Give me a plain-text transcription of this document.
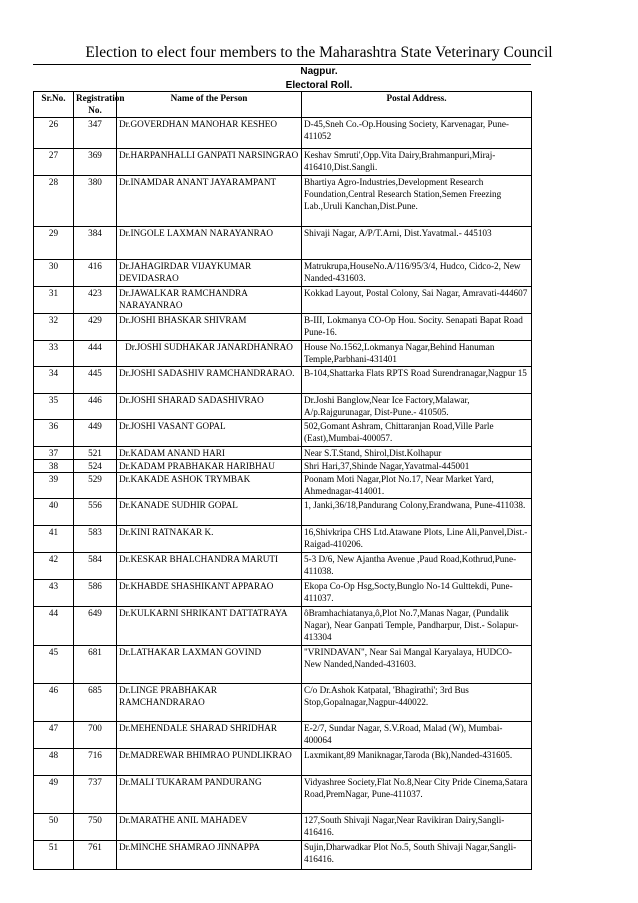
Election to elect four members to the Maharashtra State Veterinary Council
Nagpur.
Electoral Roll.
Sr.No.	Registration No.	Name of the Person	Postal Address.
26	347	Dr.GOVERDHAN MANOHAR KESHEO	D-45,Sneh Co.-Op.Housing Society, Karvenagar, Pune-411052
27	369	Dr.HARPANHALLI GANPATI NARSINGRAO	Keshav Smruti',Opp.Vita Dairy,Brahmanpuri,Miraj-416410,Dist.Sangli.
28	380	Dr.INAMDAR ANANT JAYARAMPANT	Bhartiya Agro-Industries,Development Research Foundation,Central Research Station,Semen Freezing Lab.,Uruli Kanchan,Dist.Pune.
29	384	Dr.INGOLE LAXMAN NARAYANRAO	Shivaji Nagar, A/P/T.Arni, Dist.Yavatmal.- 445103
30	416	Dr.JAHAGIRDAR VIJAYKUMAR DEVIDASRAO	Matrukrupa,HouseNo.A/116/95/3/4, Hudco, Cidco-2, New Nanded-431603.
31	423	Dr.JAWALKAR RAMCHANDRA NARAYANRAO	Kokkad Layout, Postal Colony, Sai Nagar, Amravati-444607
32	429	Dr.JOSHI BHASKAR SHIVRAM	B-III, Lokmanya CO-Op Hou. Socity. Senapati Bapat Road Pune-16.
33	444	Dr.JOSHI SUDHAKAR JANARDHANRAO	House No.1562,Lokmanya Nagar,Behind Hanuman Temple,Parbhani-431401
34	445	Dr.JOSHI SADASHIV RAMCHANDRARAO.	B-104,Shattarka Flats RPTS Road Surendranagar,Nagpur 15
35	446	Dr.JOSHI SHARAD SADASHIVRAO	Dr.Joshi Banglow,Near Ice Factory,Malawar, A/p.Rajgurunagar, Dist-Pune.- 410505.
36	449	Dr.JOSHI VASANT GOPAL	502,Gomant Ashram, Chittaranjan Road,Ville Parle (East),Mumbai-400057.
37	521	Dr.KADAM ANAND HARI	Near S.T.Stand, Shirol,Dist.Kolhapur
38	524	Dr.KADAM PRABHAKAR HARIBHAU	Shri Hari,37,Shinde Nagar,Yavatmal-445001
39	529	Dr.KAKADE ASHOK TRYMBAK	Poonam Moti Nagar,Plot No.17, Near Market Yard, Ahmednagar-414001.
40	556	Dr.KANADE SUDHIR GOPAL	1, Janki,36/18,Pandurang Colony,Erandwana, Pune-411038.
41	583	Dr.KINI RATNAKAR K.	16,Shivkripa CHS Ltd.Atawane Plots, Line Ali,Panvel,Dist.- Raigad-410206.
42	584	Dr.KESKAR BHALCHANDRA MARUTI	5-3 D/6, New Ajantha Avenue ,Paud Road,Kothrud,Pune-411038.
43	586	Dr.KHABDE SHASHIKANT APPARAO	Ekopa Co-Op Hsg,Socty,Bunglo No-14 Gulttekdi, Pune-411037.
44	649	Dr.KULKARNI SHRIKANT DATTATRAYA	ôBramhachiatanya,ô,Plot No.7,Manas Nagar, (Pundalik Nagar), Near Ganpati Temple, Pandharpur, Dist.- Solapur-413304
45	681	Dr.LATHAKAR LAXMAN GOVIND	"VRINDAVAN", Near Sai Mangal Karyalaya, HUDCO-New Nanded,Nanded-431603.
46	685	Dr.LINGE PRABHAKAR RAMCHANDRARAO	C/o Dr.Ashok Katpatal, 'Bhagirathi'; 3rd Bus Stop,Gopalnagar,Nagpur-440022.
47	700	Dr.MEHENDALE SHARAD SHRIDHAR	E-2/7, Sundar Nagar, S.V.Road, Malad (W), Mumbai-400064
48	716	Dr.MADREWAR BHIMRAO PUNDLIKRAO	Laxmikant,89 Maniknagar,Taroda (Bk),Nanded-431605.
49	737	Dr.MALI TUKARAM PANDURANG	Vidyashree Society,Flat No.8,Near City Pride Cinema,Satara Road,PremNagar, Pune-411037.
50	750	Dr.MARATHE ANIL MAHADEV	127,South Shivaji Nagar,Near Ravikiran Dairy,Sangli-416416.
51	761	Dr.MINCHE SHAMRAO JINNAPPA	Sujin,Dharwadkar Plot No.5, South Shivaji Nagar,Sangli-416416.
